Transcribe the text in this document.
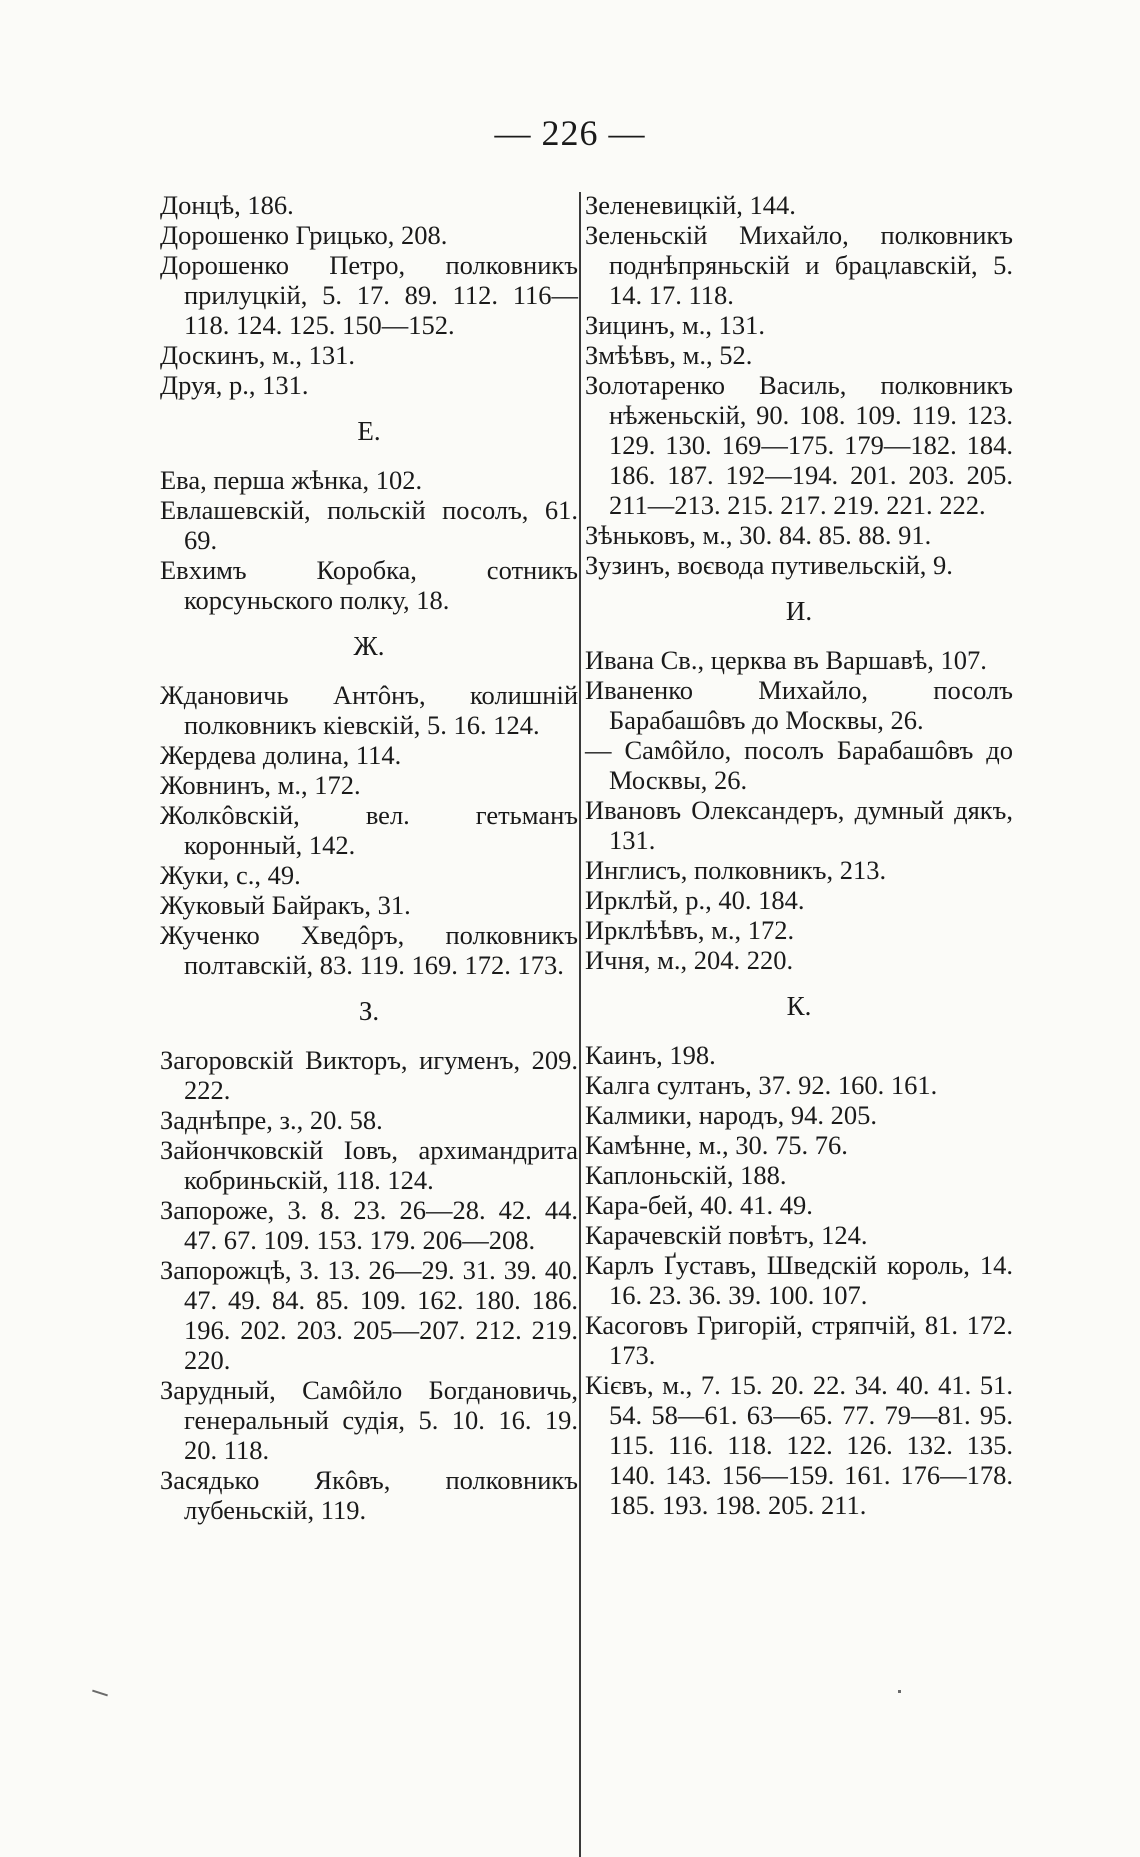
— 226 —
Донцѣ, 186.
Дорошенко Грицько, 208.
Дорошенко Петро, полковникъ прилуцкій, 5. 17. 89. 112. 116—118. 124. 125. 150—152.
Доскинъ, м., 131.
Друя, р., 131.
Е.
Ева, перша жѣнка, 102.
Евлашевскій, польскій посолъ, 61. 69.
Евхимъ Коробка, сотникъ корсуньского полку, 18.
Ж.
Ждановичь Антôнъ, колишній полковникъ кіевскій, 5. 16. 124.
Жердева долина, 114.
Жовнинъ, м., 172.
Жолкôвскій, вел. гетьманъ коронный, 142.
Жуки, с., 49.
Жуковый Байракъ, 31.
Жученко Хведôръ, полковникъ полтавскій, 83. 119. 169. 172. 173.
З.
Загоровскій Викторъ, игуменъ, 209. 222.
Заднѣпре, з., 20. 58.
Зайончковскій Іовъ, архимандрита кобриньскій, 118. 124.
Запороже, 3. 8. 23. 26—28. 42. 44. 47. 67. 109. 153. 179. 206—208.
Запорожцѣ, 3. 13. 26—29. 31. 39. 40. 47. 49. 84. 85. 109. 162. 180. 186. 196. 202. 203. 205—207. 212. 219. 220.
Зарудный, Самôйло Богдановичь, генеральный судія, 5. 10. 16. 19. 20. 118.
Засядько Якôвъ, полковникъ лубеньскій, 119.
Зеленевицкій, 144.
Зеленьскій Михайло, полковникъ поднѣпряньскій и брацлавскій, 5. 14. 17. 118.
Зицинъ, м., 131.
Змѣѣвъ, м., 52.
Золотаренко Василь, полковникъ нѣженьскій, 90. 108. 109. 119. 123. 129. 130. 169—175. 179—182. 184. 186. 187. 192—194. 201. 203. 205. 211—213. 215. 217. 219. 221. 222.
Зѣньковъ, м., 30. 84. 85. 88. 91.
Зузинъ, воєвода путивельскій, 9.
И.
Ивана Св., церква въ Варшавѣ, 107.
Иваненко Михайло, посолъ Барабашôвъ до Москвы, 26.
— Самôйло, посолъ Барабашôвъ до Москвы, 26.
Ивановъ Олександеръ, думный дякъ, 131.
Инглисъ, полковникъ, 213.
Ирклѣй, р., 40. 184.
Ирклѣѣвъ, м., 172.
Ичня, м., 204. 220.
К.
Каинъ, 198.
Калга султанъ, 37. 92. 160. 161.
Калмики, народъ, 94. 205.
Камѣнне, м., 30. 75. 76.
Каплоньскій, 188.
Кара-бей, 40. 41. 49.
Карачевскій повѣтъ, 124.
Карлъ Ґуставъ, Шведскій король, 14. 16. 23. 36. 39. 100. 107.
Касоговъ Григорій, стряпчій, 81. 172. 173.
Кієвъ, м., 7. 15. 20. 22. 34. 40. 41. 51. 54. 58—61. 63—65. 77. 79—81. 95. 115. 116. 118. 122. 126. 132. 135. 140. 143. 156—159. 161. 176—178. 185. 193. 198. 205. 211.
